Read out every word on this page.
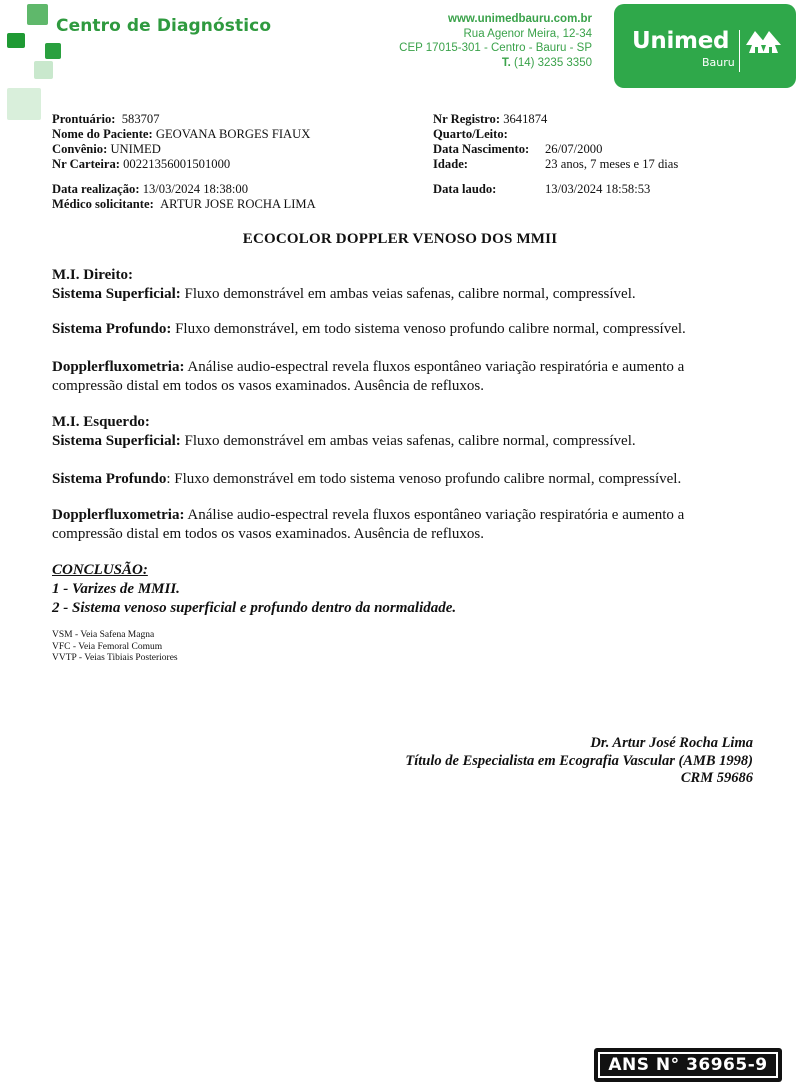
Centro de Diagnóstico	www.unimedbauru.com.br
Rua Agenor Meira, 12-34
CEP 17015-301 - Centro - Bauru - SP
T. (14) 3235 3350
Unimed
Bauru
Prontuário: 583707
Nome do Paciente: GEOVANA BORGES FIAUX
Convênio: UNIMED
Nr Carteira: 00221356001501000
Data realização: 13/03/2024 18:38:00
Médico solicitante: ARTUR JOSE ROCHA LIMA
Nr Registro: 3641874
Quarto/Leito:
Data Nascimento: 26/07/2000
Idade:	23 anos, 7 meses e 17 dias
Data laudo:	13/03/2024 18:58:53
ECOCOLOR DOPPLER VENOSO DOS MMII
M.I. Direito:
Sistema Superficial: Fluxo demonstrável em ambas veias safenas, calibre normal, compressível.
Sistema Profundo: Fluxo demonstrável, em todo sistema venoso profundo calibre normal, compressível.
Dopplerfluxometria: Análise audio-espectral revela fluxos espontâneo variação respiratória e aumento a compressão distal em todos os vasos examinados. Ausência de refluxos.
M.I. Esquerdo:
Sistema Superficial: Fluxo demonstrável em ambas veias safenas, calibre normal, compressível.
Sistema Profundo: Fluxo demonstrável em todo sistema venoso profundo calibre normal, compressível.
Dopplerfluxometria: Análise audio-espectral revela fluxos espontâneo variação respiratória e aumento a compressão distal em todos os vasos examinados. Ausência de refluxos.
CONCLUSÃO:
1 - Varizes de MMII.
2 - Sistema venoso superficial e profundo dentro da normalidade.
VSM - Veia Safena Magna
VFC - Veia Femoral Comum
VVTP - Veias Tibiais Posteriores
Dr. Artur José Rocha Lima
Título de Especialista em Ecografia Vascular (AMB 1998)
CRM 59686
ANS N° 36965-9
